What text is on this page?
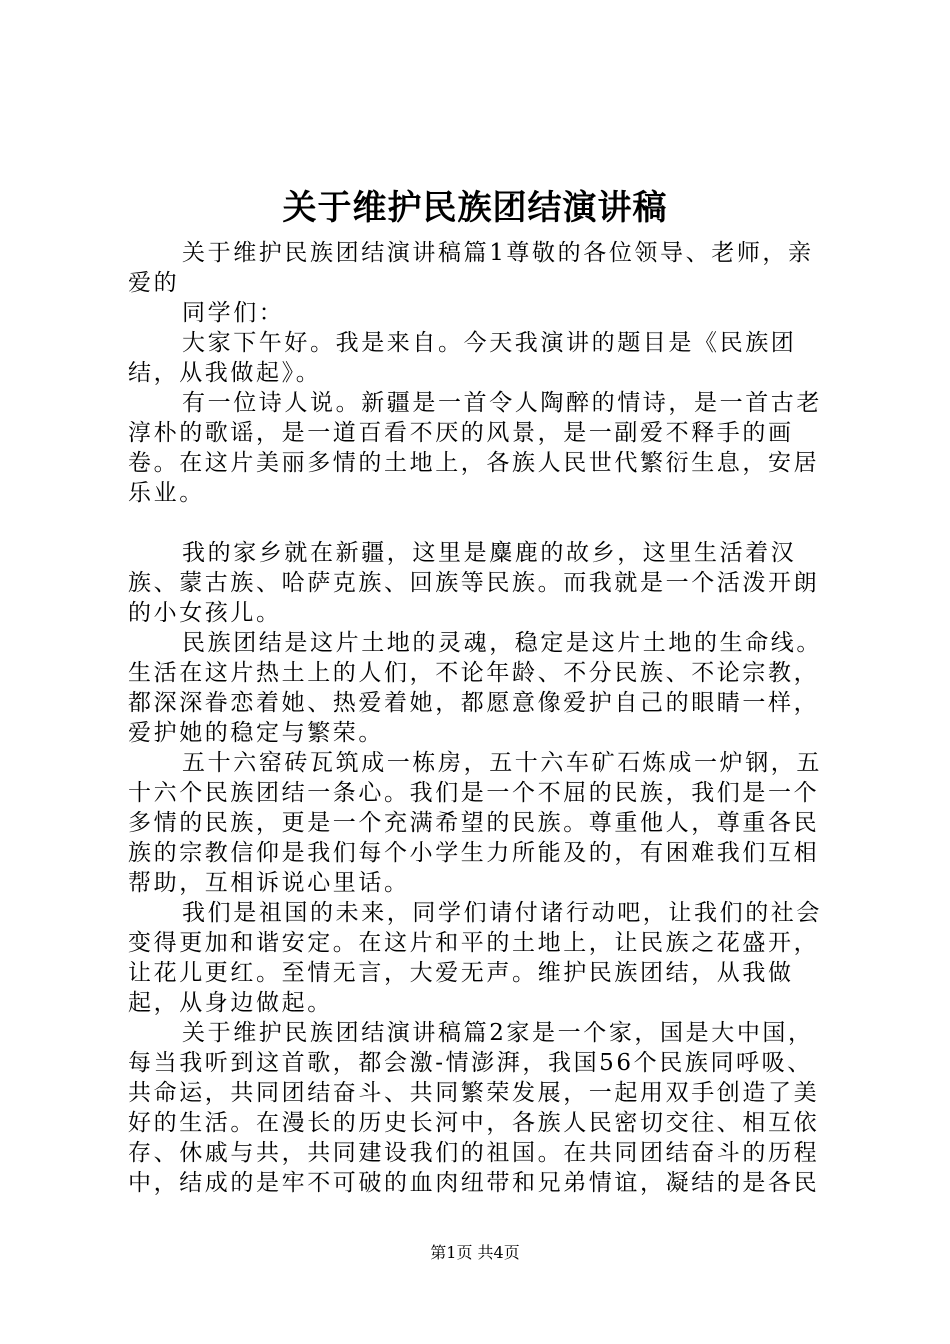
关于维护民族团结演讲稿

关于维护民族团结演讲稿篇1尊敬的各位领导、老师，亲爱的

同学们：

大家下午好。我是来自。今天我演讲的题目是《民族团结，从我做起》。

有一位诗人说。新疆是一首令人陶醉的情诗，是一首古老淳朴的歌谣，是一道百看不厌的风景，是一副爱不释手的画卷。在这片美丽多情的土地上，各族人民世代繁衍生息，安居乐业。

我的家乡就在新疆，这里是麋鹿的故乡，这里生活着汉族、蒙古族、哈萨克族、回族等民族。而我就是一个活泼开朗的小女孩儿。

民族团结是这片土地的灵魂，稳定是这片土地的生命线。生活在这片热土上的人们，不论年龄、不分民族、不论宗教，都深深眷恋着她、热爱着她，都愿意像爱护自己的眼睛一样，爱护她的稳定与繁荣。

五十六窑砖瓦筑成一栋房，五十六车矿石炼成一炉钢，五十六个民族团结一条心。我们是一个不屈的民族，我们是一个多情的民族，更是一个充满希望的民族。尊重他人，尊重各民族的宗教信仰是我们每个小学生力所能及的，有困难我们互相帮助，互相诉说心里话。

我们是祖国的未来，同学们请付诸行动吧，让我们的社会变得更加和谐安定。在这片和平的土地上，让民族之花盛开，让花儿更红。至情无言，大爱无声。维护民族团结，从我做起，从身边做起。

关于维护民族团结演讲稿篇2家是一个家，国是大中国，每当我听到这首歌，都会激-情澎湃，我国56个民族同呼吸、共命运，共同团结奋斗、共同繁荣发展，一起用双手创造了美好的生活。在漫长的历史长河中，各族人民密切交往、相互依存、休戚与共，共同建设我们的祖国。在共同团结奋斗的历程中，结成的是牢不可破的血肉纽带和兄弟情谊，凝结的是各民

第1页 共4页
